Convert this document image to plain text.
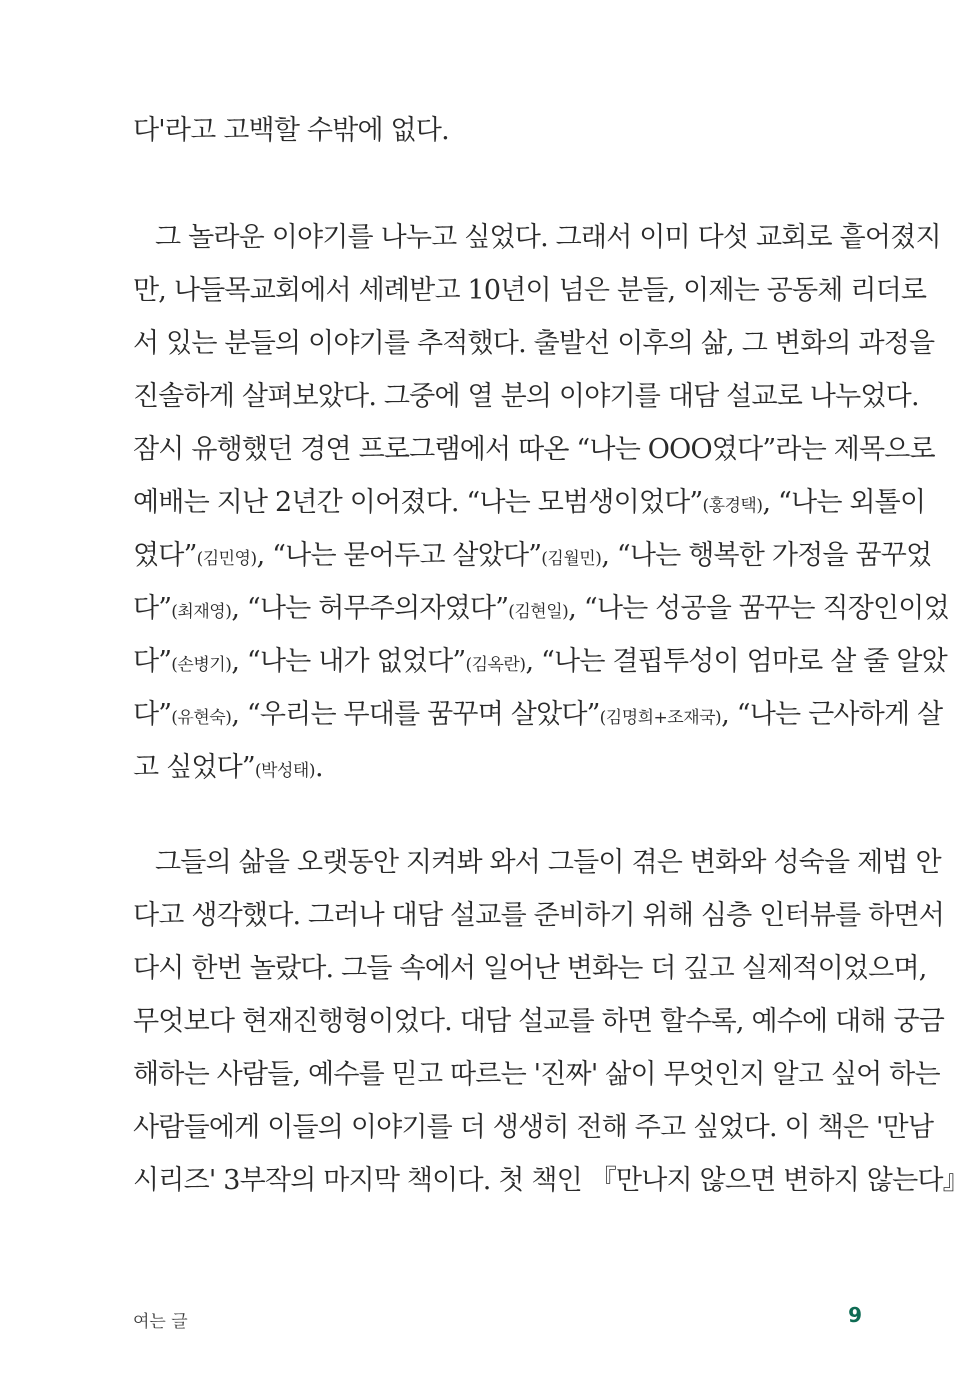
다'라고 고백할 수밖에 없다.
그 놀라운 이야기를 나누고 싶었다. 그래서 이미 다섯 교회로 흩어졌지
만, 나들목교회에서 세례받고 10년이 넘은 분들, 이제는 공동체 리더로
서 있는 분들의 이야기를 추적했다. 출발선 이후의 삶, 그 변화의 과정을
진솔하게 살펴보았다. 그중에 열 분의 이야기를 대담 설교로 나누었다.
잠시 유행했던 경연 프로그램에서 따온 “나는 OOO였다”라는 제목으로
예배는 지난 2년간 이어졌다. “나는 모범생이었다”(홍경택), “나는 외톨이
였다”(김민영), “나는 묻어두고 살았다”(김월민), “나는 행복한 가정을 꿈꾸었
다”(최재영), “나는 허무주의자였다”(김현일), “나는 성공을 꿈꾸는 직장인이었
다”(손병기), “나는 내가 없었다”(김옥란), “나는 결핍투성이 엄마로 살 줄 알았
다”(유현숙), “우리는 무대를 꿈꾸며 살았다”(김명희+조재국), “나는 근사하게 살
고 싶었다”(박성태).
그들의 삶을 오랫동안 지켜봐 와서 그들이 겪은 변화와 성숙을 제법 안
다고 생각했다. 그러나 대담 설교를 준비하기 위해 심층 인터뷰를 하면서
다시 한번 놀랐다. 그들 속에서 일어난 변화는 더 깊고 실제적이었으며,
무엇보다 현재진행형이었다. 대담 설교를 하면 할수록, 예수에 대해 궁금
해하는 사람들, 예수를 믿고 따르는 '진짜' 삶이 무엇인지 알고 싶어 하는
사람들에게 이들의 이야기를 더 생생히 전해 주고 싶었다. 이 책은 '만남
시리즈' 3부작의 마지막 책이다. 첫 책인 『만나지 않으면 변하지 않는다』
여는 글	9
